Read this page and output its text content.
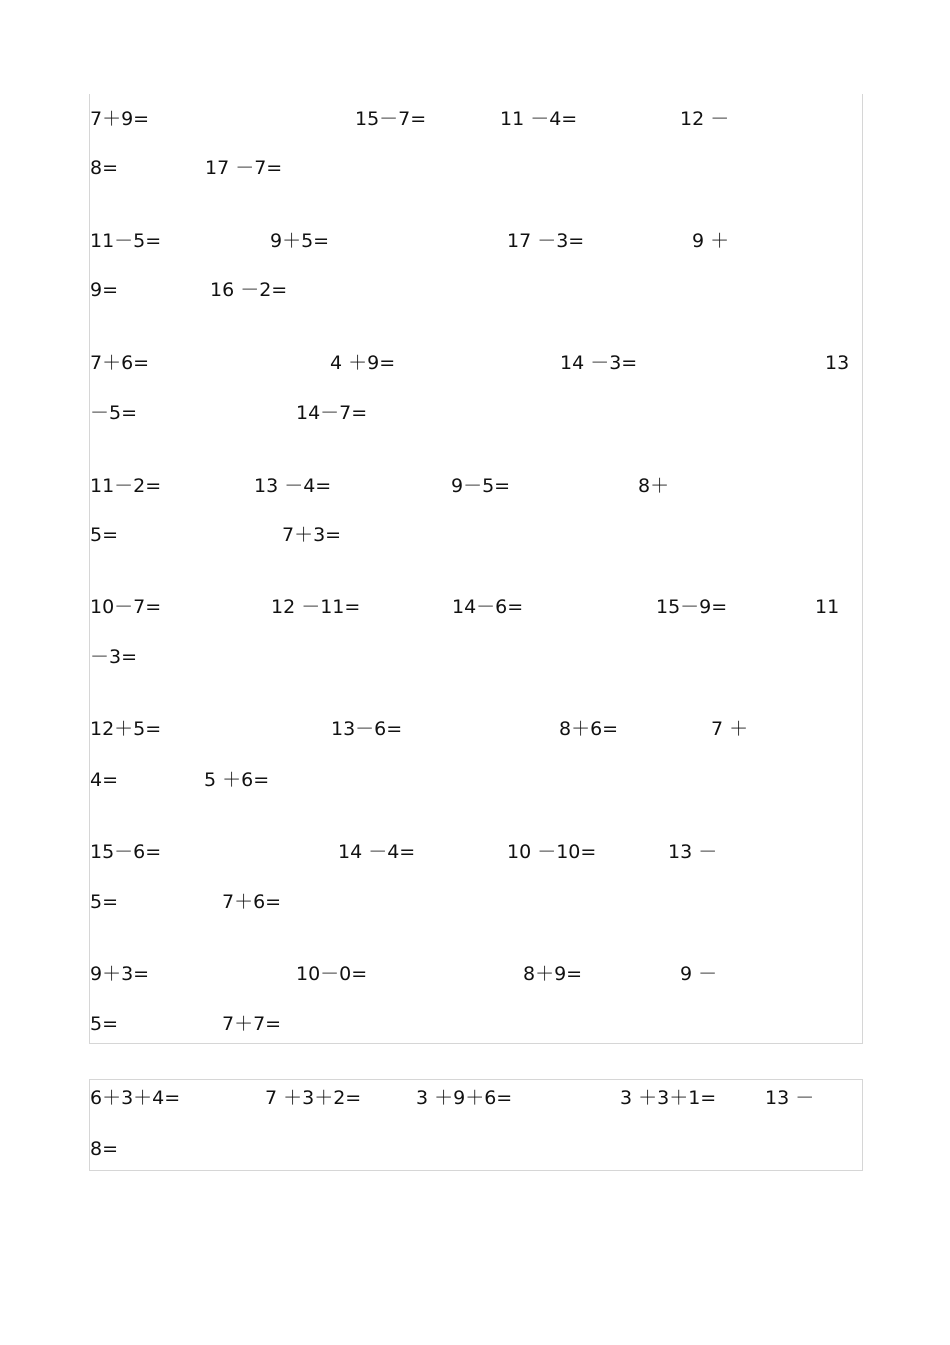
7＋9=	15－7=	11 －4=	12 －
8=	17 －7=
11－5=	9＋5=	17 －3=	9 ＋
9=	16 －2=
7＋6=	4 ＋9=	14 －3=	13
－5=	14－7=
11－2=	13 －4=	9－5=	8＋
5=	7＋3=
10－7=	12 －11=	14－6=	15－9=	11
－3=
12＋5=	13－6=	8＋6=	7 ＋
4=	5 ＋6=
15－6=	14 －4=	10 －10=	13 －
5=	7＋6=
9＋3=	10－0=	8＋9=	9 －
5=	7＋7=
6＋3＋4=	7 ＋3＋2=	3 ＋9＋6=	3 ＋3＋1=	13 －
8=
